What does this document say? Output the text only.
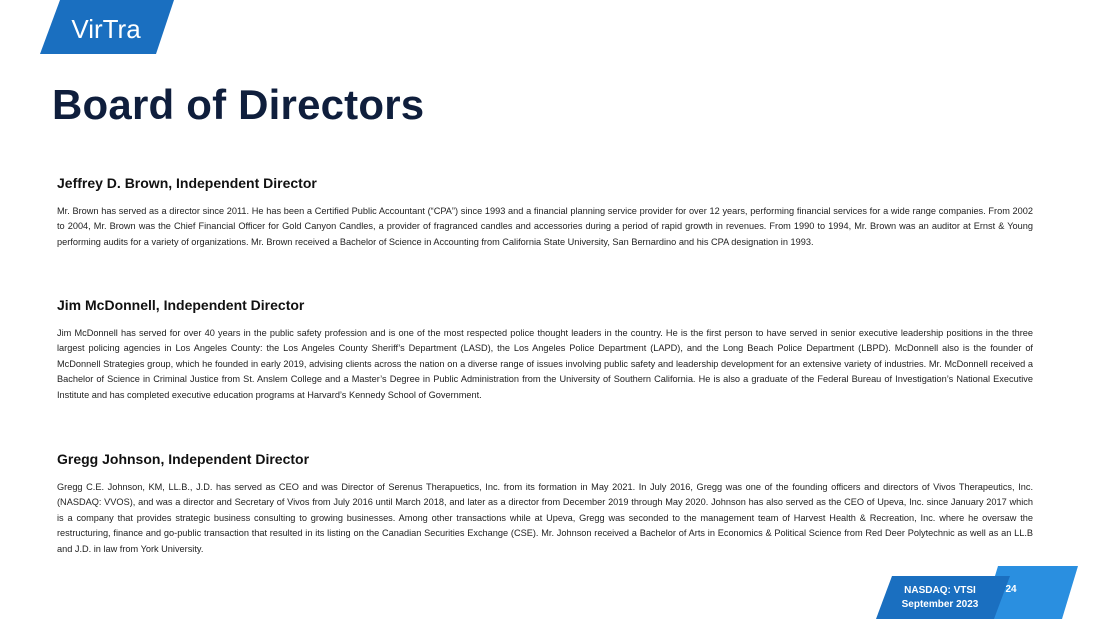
VirTra
Board of Directors

Jeffrey D. Brown, Independent Director

Mr. Brown has served as a director since 2011. He has been a Certified Public Accountant (“CPA”) since 1993 and a financial planning service provider for over 12 years, performing financial services for a wide range companies. From 2002 to 2004, Mr. Brown was the Chief Financial Officer for Gold Canyon Candles, a provider of fragranced candles and accessories during a period of rapid growth in revenues. From 1990 to 1994, Mr. Brown was an auditor at Ernst & Young performing audits for a variety of organizations. Mr. Brown received a Bachelor of Science in Accounting from California State University, San Bernardino and his CPA designation in 1993.

Jim McDonnell, Independent Director

Jim McDonnell has served for over 40 years in the public safety profession and is one of the most respected police thought leaders in the country. He is the first person to have served in senior executive leadership positions in the three largest policing agencies in Los Angeles County: the Los Angeles County Sheriff’s Department (LASD), the Los Angeles Police Department (LAPD), and the Long Beach Police Department (LBPD). McDonnell also is the founder of McDonnell Strategies group, which he founded in early 2019, advising clients across the nation on a diverse range of issues involving public safety and leadership development for an extensive variety of industries. Mr. McDonnell received a Bachelor of Science in Criminal Justice from St. Anslem College and a Master’s Degree in Public Administration from the University of Southern California. He is also a graduate of the Federal Bureau of Investigation’s National Executive Institute and has completed executive education programs at Harvard’s Kennedy School of Government.

Gregg Johnson, Independent Director

Gregg C.E. Johnson, KM, LL.B., J.D. has served as CEO and was Director of Serenus Therapuetics, Inc. from its formation in May 2021. In July 2016, Gregg was one of the founding officers and directors of Vivos Therapeutics, Inc. (NASDAQ: VVOS), and was a director and Secretary of Vivos from July 2016 until March 2018, and later as a director from December 2019 through May 2020. Johnson has also served as the CEO of Upeva, Inc. since January 2017 which is a company that provides strategic business consulting to growing businesses. Among other transactions while at Upeva, Gregg was seconded to the management team of Harvest Health & Recreation, Inc. where he oversaw the restructuring, finance and go-public transaction that resulted in its listing on the Canadian Securities Exchange (CSE). Mr. Johnson received a Bachelor of Arts in Economics & Political Science from Red Deer Polytechnic as well as an LL.B and J.D. in law from York University.

NASDAQ: VTSI
September 2023
24
